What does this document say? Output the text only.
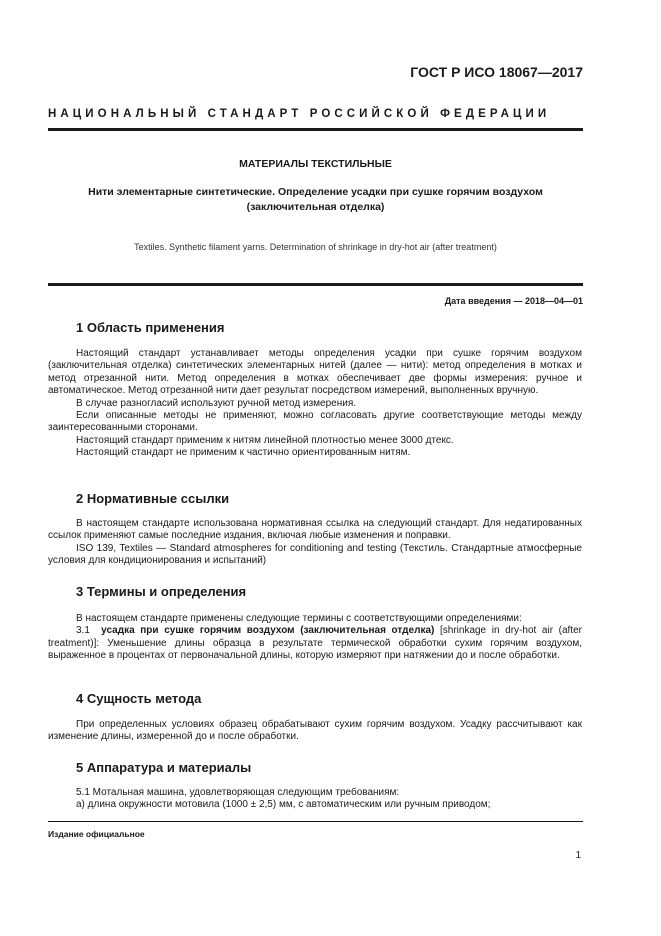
ГОСТ Р ИСО 18067—2017
НАЦИОНАЛЬНЫЙ СТАНДАРТ РОССИЙСКОЙ ФЕДЕРАЦИИ
МАТЕРИАЛЫ ТЕКСТИЛЬНЫЕ
Нити элементарные синтетические. Определение усадки при сушке горячим воздухом
(заключительная отделка)
Textiles. Synthetic filament yarns. Determination of shrinkage in dry-hot air (after treatment)
Дата введения — 2018—04—01
1 Область применения

Настоящий стандарт устанавливает методы определения усадки при сушке горячим воздухом (заключительная отделка) синтетических элементарных нитей (далее — нити): метод определения в мотках и метод отрезанной нити. Метод определения в мотках обеспечивает две формы измерения: ручное и автоматическое. Метод отрезанной нити дает результат посредством измерений, выполненных вручную.

В случае разногласий используют ручной метод измерения.

Если описанные методы не применяют, можно согласовать другие соответствующие методы между заинтересованными сторонами.

Настоящий стандарт применим к нитям линейной плотностью менее 3000 дтекс.

Настоящий стандарт не применим к частично ориентированным нитям.

2 Нормативные ссылки

В настоящем стандарте использована нормативная ссылка на следующий стандарт. Для недатированных ссылок применяют самые последние издания, включая любые изменения и поправки.

ISO 139, Textiles — Standard atmospheres for conditioning and testing (Текстиль. Стандартные атмосферные условия для кондиционирования и испытаний)

3 Термины и определения

В настоящем стандарте применены следующие термины с соответствующими определениями:

3.1 усадка при сушке горячим воздухом (заключительная отделка) [shrinkage in dry-hot air (after treatment)]: Уменьшение длины образца в результате термической обработки сухим горячим воздухом, выраженное в процентах от первоначальной длины, которую измеряют при натяжении до и после обработки.

4 Сущность метода

При определенных условиях образец обрабатывают сухим горячим воздухом. Усадку рассчитывают как изменение длины, измеренной до и после обработки.

5 Аппаратура и материалы

5.1 Мотальная машина, удовлетворяющая следующим требованиям:

а) длина окружности мотовила (1000 ± 2,5) мм, с автоматическим или ручным приводом;

Издание официальное
1
